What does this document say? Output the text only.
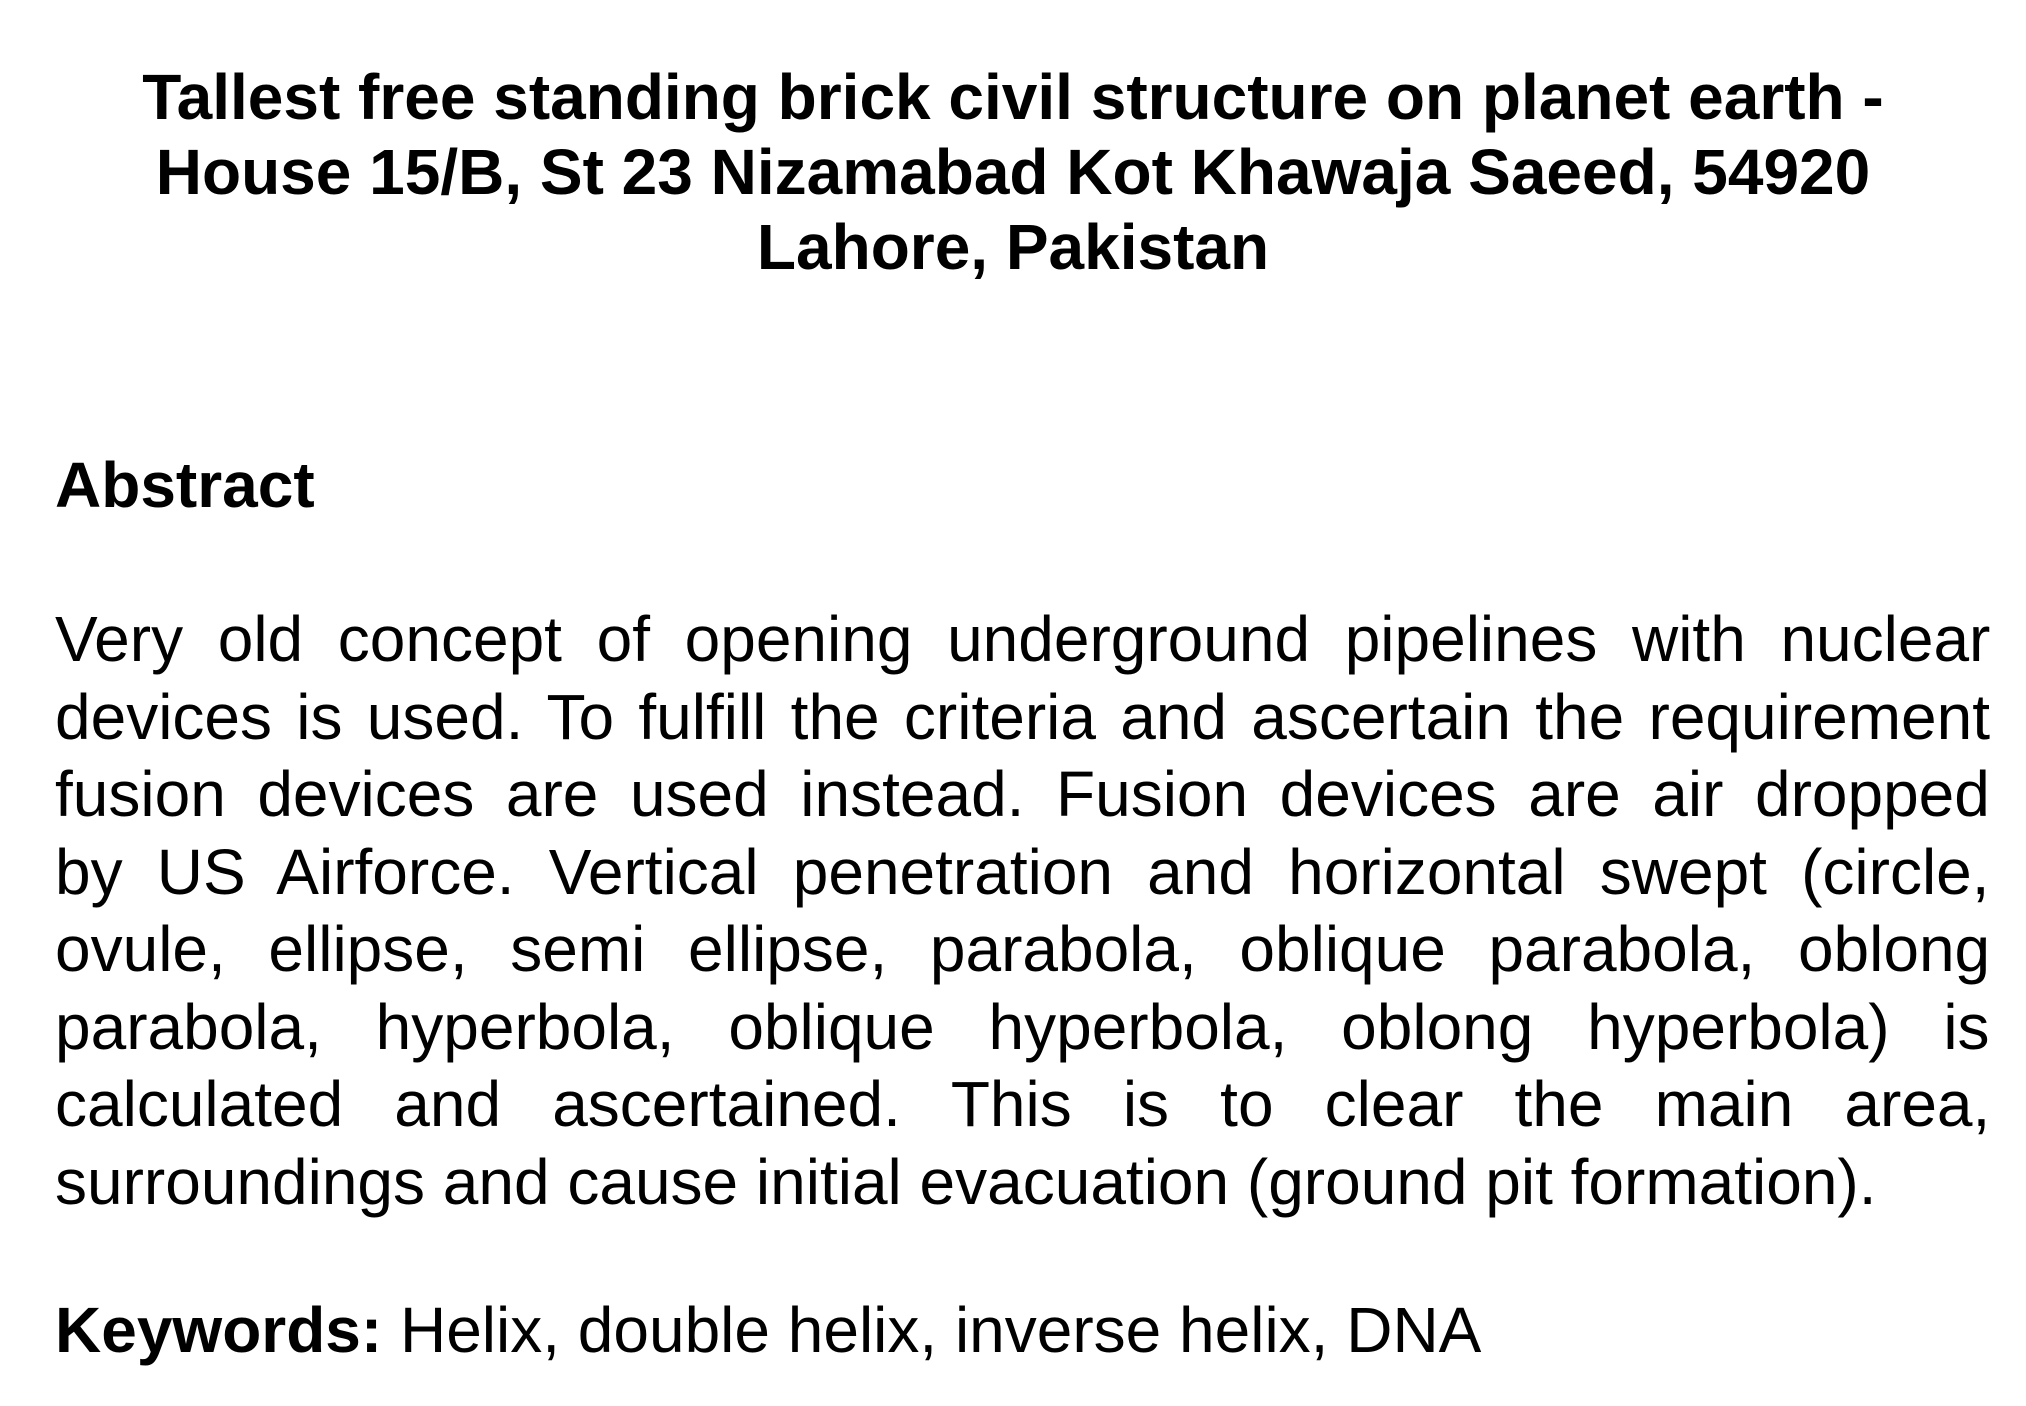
Tallest free standing brick civil structure on planet earth -
House 15/B, St 23 Nizamabad Kot Khawaja Saeed, 54920
Lahore, Pakistan
Abstract
Very old concept of opening underground pipelines with nuclear
devices is used. To fulfill the criteria and ascertain the requirement
fusion devices are used instead. Fusion devices are air dropped
by US Airforce. Vertical penetration and horizontal swept (circle,
ovule, ellipse, semi ellipse, parabola, oblique parabola, oblong
parabola, hyperbola, oblique hyperbola, oblong hyperbola) is
calculated and ascertained. This is to clear the main area,
surroundings and cause initial evacuation (ground pit formation).
Keywords: Helix, double helix, inverse helix, DNA
